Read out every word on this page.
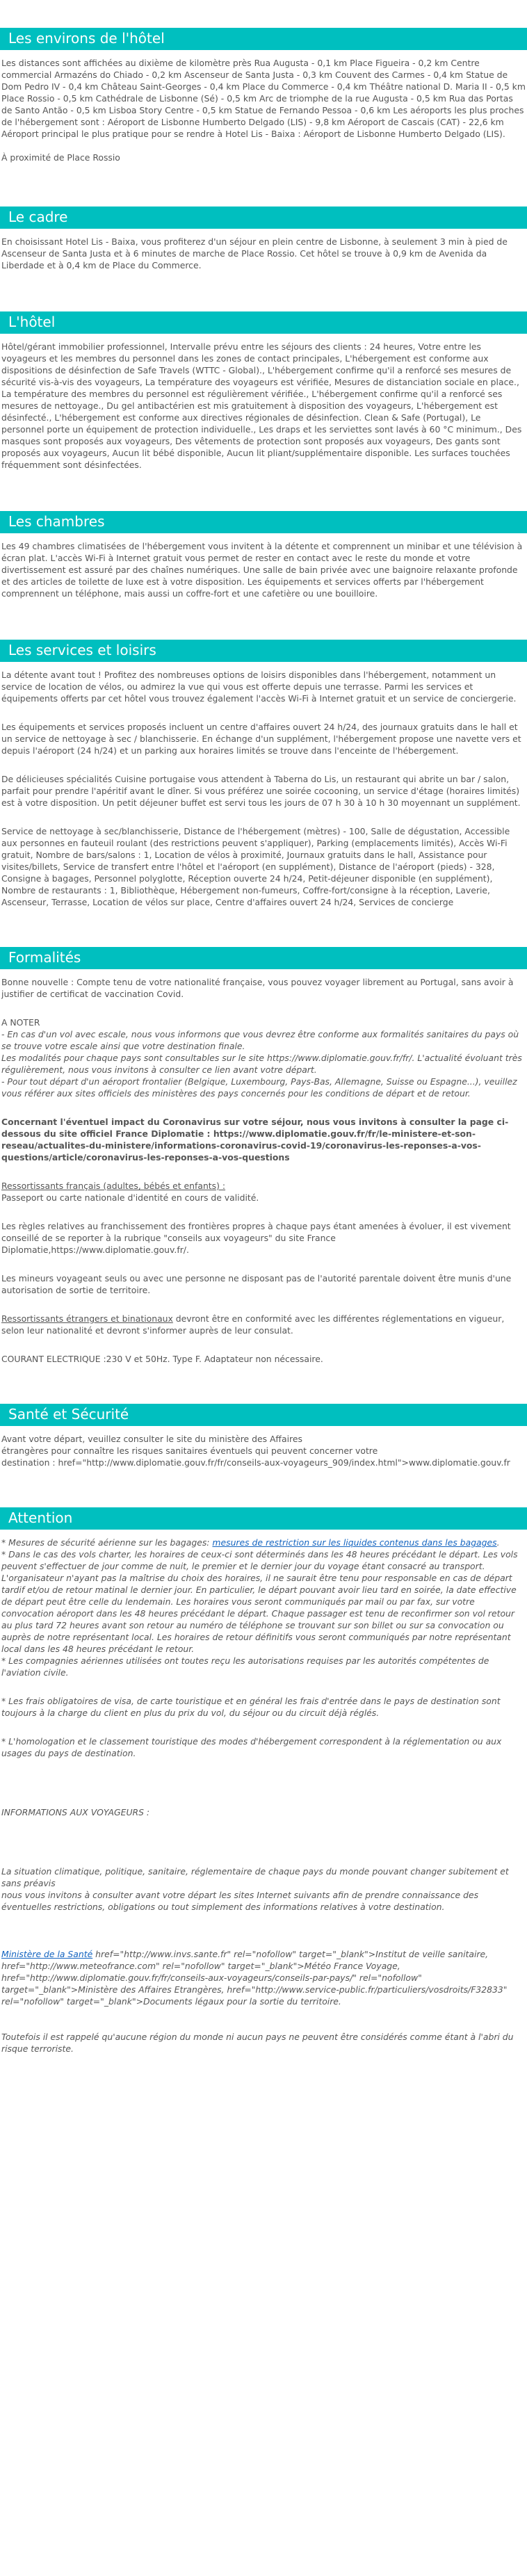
Les environs de l'hôtel

Les distances sont affichées au dixième de kilomètre près Rua Augusta - 0,1 km Place Figueira - 0,2 km Centre commercial Armazéns do Chiado - 0,2 km Ascenseur de Santa Justa - 0,3 km Couvent des Carmes - 0,4 km Statue de Dom Pedro IV - 0,4 km Château Saint-Georges - 0,4 km Place du Commerce - 0,4 km Théâtre national D. Maria II - 0,5 km Place Rossio - 0,5 km Cathédrale de Lisbonne (Sé) - 0,5 km Arc de triomphe de la rue Augusta - 0,5 km Rua das Portas de Santo Antão - 0,5 km Lisboa Story Centre - 0,5 km Statue de Fernando Pessoa - 0,6 km Les aéroports les plus proches de l'hébergement sont : Aéroport de Lisbonne Humberto Delgado (LIS) - 9,8 km Aéroport de Cascais (CAT) - 22,6 km Aéroport principal le plus pratique pour se rendre à Hotel Lis - Baixa : Aéroport de Lisbonne Humberto Delgado (LIS).

À proximité de Place Rossio

Le cadre

En choisissant Hotel Lis - Baixa, vous profiterez d'un séjour en plein centre de Lisbonne, à seulement 3 min à pied de Ascenseur de Santa Justa et à 6 minutes de marche de Place Rossio. Cet hôtel se trouve à 0,9 km de Avenida da Liberdade et à 0,4 km de Place du Commerce.

L'hôtel

Hôtel/gérant immobilier professionnel, Intervalle prévu entre les séjours des clients : 24 heures, Votre entre les voyageurs et les membres du personnel dans les zones de contact principales, L'hébergement est conforme aux dispositions de désinfection de Safe Travels (WTTC - Global)., L'hébergement confirme qu'il a renforcé ses mesures de sécurité vis-à-vis des voyageurs, La température des voyageurs est vérifiée, Mesures de distanciation sociale en place., La température des membres du personnel est régulièrement vérifiée., L'hébergement confirme qu'il a renforcé ses mesures de nettoyage., Du gel antibactérien est mis gratuitement à disposition des voyageurs, L'hébergement est désinfecté., L'hébergement est conforme aux directives régionales de désinfection. Clean & Safe (Portugal), Le personnel porte un équipement de protection individuelle., Les draps et les serviettes sont lavés à 60 °C minimum., Des masques sont proposés aux voyageurs, Des vêtements de protection sont proposés aux voyageurs, Des gants sont proposés aux voyageurs, Aucun lit bébé disponible, Aucun lit pliant/supplémentaire disponible. Les surfaces touchées fréquemment sont désinfectées.

Les chambres

Les 49 chambres climatisées de l'hébergement vous invitent à la détente et comprennent un minibar et une télévision à écran plat. L'accès Wi-Fi à Internet gratuit vous permet de rester en contact avec le reste du monde et votre divertissement est assuré par des chaînes numériques. Une salle de bain privée avec une baignoire relaxante profonde et des articles de toilette de luxe est à votre disposition. Les équipements et services offerts par l'hébergement comprennent un téléphone, mais aussi un coffre-fort et une cafetière ou une bouilloire.

Les services et loisirs

La détente avant tout ! Profitez des nombreuses options de loisirs disponibles dans l'hébergement, notamment un service de location de vélos, ou admirez la vue qui vous est offerte depuis une terrasse. Parmi les services et équipements offerts par cet hôtel vous trouvez également l'accès Wi-Fi à Internet gratuit et un service de conciergerie.

Les équipements et services proposés incluent un centre d'affaires ouvert 24 h/24, des journaux gratuits dans le hall et un service de nettoyage à sec / blanchisserie. En échange d'un supplément, l'hébergement propose une navette vers et depuis l'aéroport (24 h/24) et un parking aux horaires limités se trouve dans l'enceinte de l'hébergement.

De délicieuses spécialités Cuisine portugaise vous attendent à Taberna do Lis, un restaurant qui abrite un bar / salon, parfait pour prendre l'apéritif avant le dîner. Si vous préférez une soirée cocooning, un service d'étage (horaires limités) est à votre disposition. Un petit déjeuner buffet est servi tous les jours de 07 h 30 à 10 h 30 moyennant un supplément.

Service de nettoyage à sec/blanchisserie, Distance de l'hébergement (mètres) - 100, Salle de dégustation, Accessible aux personnes en fauteuil roulant (des restrictions peuvent s'appliquer), Parking (emplacements limités), Accès Wi-Fi gratuit, Nombre de bars/salons : 1, Location de vélos à proximité, Journaux gratuits dans le hall, Assistance pour visites/billets, Service de transfert entre l'hôtel et l'aéroport (en supplément), Distance de l'aéroport (pieds) - 328, Consigne à bagages, Personnel polyglotte, Réception ouverte 24 h/24, Petit-déjeuner disponible (en supplément), Nombre de restaurants : 1, Bibliothèque, Hébergement non-fumeurs, Coffre-fort/consigne à la réception, Laverie, Ascenseur, Terrasse, Location de vélos sur place, Centre d'affaires ouvert 24 h/24, Services de concierge

Formalités

Bonne nouvelle : Compte tenu de votre nationalité française, vous pouvez voyager librement au Portugal, sans avoir à justifier de certificat de vaccination Covid.

A NOTER

- En cas d'un vol avec escale, nous vous informons que vous devrez être conforme aux formalités sanitaires du pays où se trouve votre escale ainsi que votre destination finale.
Les modalités pour chaque pays sont consultables sur le site https://www.diplomatie.gouv.fr/fr/. L'actualité évoluant très régulièrement, nous vous invitons à consulter ce lien avant votre départ.
- Pour tout départ d'un aéroport frontalier (Belgique, Luxembourg, Pays-Bas, Allemagne, Suisse ou Espagne...), veuillez vous référer aux sites officiels des ministères des pays concernés pour les conditions de départ et de retour.

Concernant l'éventuel impact du Coronavirus sur votre séjour, nous vous invitons à consulter la page ci-dessous du site officiel France Diplomatie : https://www.diplomatie.gouv.fr/fr/le-ministere-et-son-reseau/actualites-du-ministere/informations-coronavirus-covid-19/coronavirus-les-reponses-a-vos-questions/article/coronavirus-les-reponses-a-vos-questions

Ressortissants français (adultes, bébés et enfants) :

Passeport ou carte nationale d'identité en cours de validité.

Les règles relatives au franchissement des frontières propres à chaque pays étant amenées à évoluer, il est vivement conseillé de se reporter à la rubrique "conseils aux voyageurs" du site France Diplomatie,https://www.diplomatie.gouv.fr/.

Les mineurs voyageant seuls ou avec une personne ne disposant pas de l'autorité parentale doivent être munis d'une autorisation de sortie de territoire.

Ressortissants étrangers et binationaux devront être en conformité avec les différentes réglementations en vigueur, selon leur nationalité et devront s'informer auprès de leur consulat.

COURANT ELECTRIQUE :230 V et 50Hz. Type F. Adaptateur non nécessaire.

Santé et Sécurité

Avant votre départ, veuillez consulter le site du ministère des Affaires
étrangères pour connaître les risques sanitaires éventuels qui peuvent concerner votre
destination : href="http://www.diplomatie.gouv.fr/fr/conseils-aux-voyageurs_909/index.html">www.diplomatie.gouv.fr

Attention

* Mesures de sécurité aérienne sur les bagages: mesures de restriction sur les liquides contenus dans les bagages.

* Dans le cas des vols charter, les horaires de ceux-ci sont déterminés dans les 48 heures précédant le départ. Les vols peuvent s'effectuer de jour comme de nuit, le premier et le dernier jour du voyage étant consacré au transport. L'organisateur n'ayant pas la maîtrise du choix des horaires, il ne saurait être tenu pour responsable en cas de départ tardif et/ou de retour matinal le dernier jour. En particulier, le départ pouvant avoir lieu tard en soirée, la date effective de départ peut être celle du lendemain. Les horaires vous seront communiqués par mail ou par fax, sur votre convocation aéroport dans les 48 heures précédant le départ. Chaque passager est tenu de reconfirmer son vol retour au plus tard 72 heures avant son retour au numéro de téléphone se trouvant sur son billet ou sur sa convocation ou auprès de notre représentant local. Les horaires de retour définitifs vous seront communiqués par notre représentant local dans les 48 heures précédant le retour.

* Les compagnies aériennes utilisées ont toutes reçu les autorisations requises par les autorités compétentes de l'aviation civile.

* Les frais obligatoires de visa, de carte touristique et en général les frais d'entrée dans le pays de destination sont toujours à la charge du client en plus du prix du vol, du séjour ou du circuit déjà réglés.

* L'homologation et le classement touristique des modes d'hébergement correspondent à la réglementation ou aux usages du pays de destination.

INFORMATIONS AUX VOYAGEURS :

La situation climatique, politique, sanitaire, réglementaire de chaque pays du monde pouvant changer subitement et sans préavis
nous vous invitons à consulter avant votre départ les sites Internet suivants afin de prendre connaissance des éventuelles restrictions, obligations ou tout simplement des informations relatives à votre destination.

Ministère de la Santé href="http://www.invs.sante.fr" rel="nofollow" target="_blank">Institut de veille sanitaire, href="http://www.meteofrance.com" rel="nofollow" target="_blank">Météo France Voyage, href="http://www.diplomatie.gouv.fr/fr/conseils-aux-voyageurs/conseils-par-pays/" rel="nofollow" target="_blank">Ministère des Affaires Etrangères, href="http://www.service-public.fr/particuliers/vosdroits/F32833" rel="nofollow" target="_blank">Documents légaux pour la sortie du territoire.

Toutefois il est rappelé qu'aucune région du monde ni aucun pays ne peuvent être considérés comme étant à l'abri du risque terroriste.
